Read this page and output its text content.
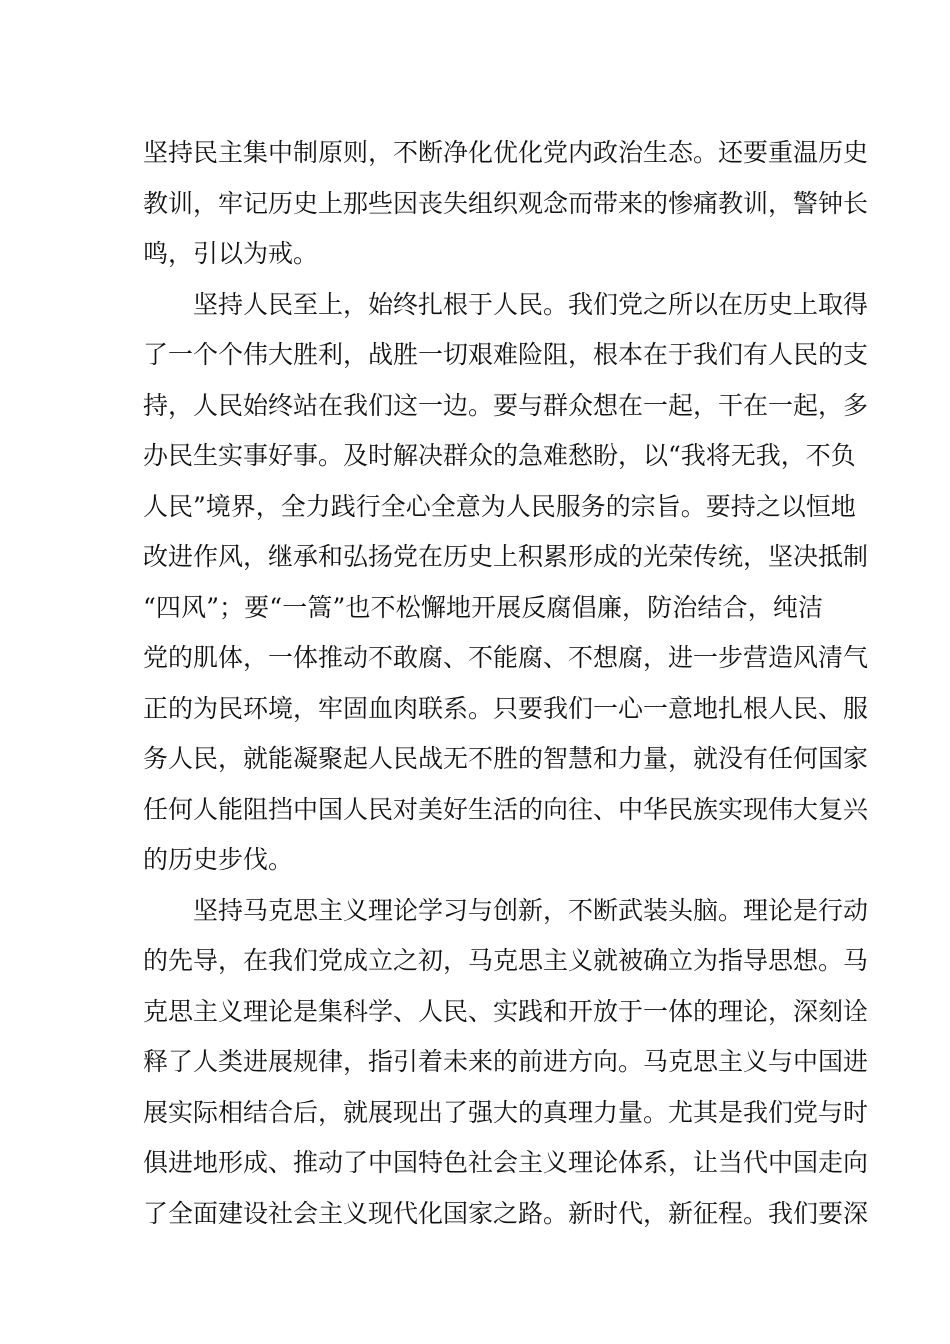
坚持民主集中制原则，不断净化优化党内政治生态。还要重温历史
教训，牢记历史上那些因丧失组织观念而带来的惨痛教训，警钟长
鸣，引以为戒。
坚持人民至上，始终扎根于人民。我们党之所以在历史上取得
了一个个伟大胜利，战胜一切艰难险阻，根本在于我们有人民的支
持，人民始终站在我们这一边。要与群众想在一起，干在一起，多
办民生实事好事。及时解决群众的急难愁盼，以“我将无我，不负
人民”境界，全力践行全心全意为人民服务的宗旨。要持之以恒地
改进作风，继承和弘扬党在历史上积累形成的光荣传统，坚决抵制
“四风”；要“一篙”也不松懈地开展反腐倡廉，防治结合，纯洁
党的肌体，一体推动不敢腐、不能腐、不想腐，进一步营造风清气
正的为民环境，牢固血肉联系。只要我们一心一意地扎根人民、服
务人民，就能凝聚起人民战无不胜的智慧和力量，就没有任何国家
任何人能阻挡中国人民对美好生活的向往、中华民族实现伟大复兴
的历史步伐。
坚持马克思主义理论学习与创新，不断武装头脑。理论是行动
的先导，在我们党成立之初，马克思主义就被确立为指导思想。马
克思主义理论是集科学、人民、实践和开放于一体的理论，深刻诠
释了人类进展规律，指引着未来的前进方向。马克思主义与中国进
展实际相结合后，就展现出了强大的真理力量。尤其是我们党与时
俱进地形成、推动了中国特色社会主义理论体系，让当代中国走向
了全面建设社会主义现代化国家之路。新时代，新征程。我们要深
